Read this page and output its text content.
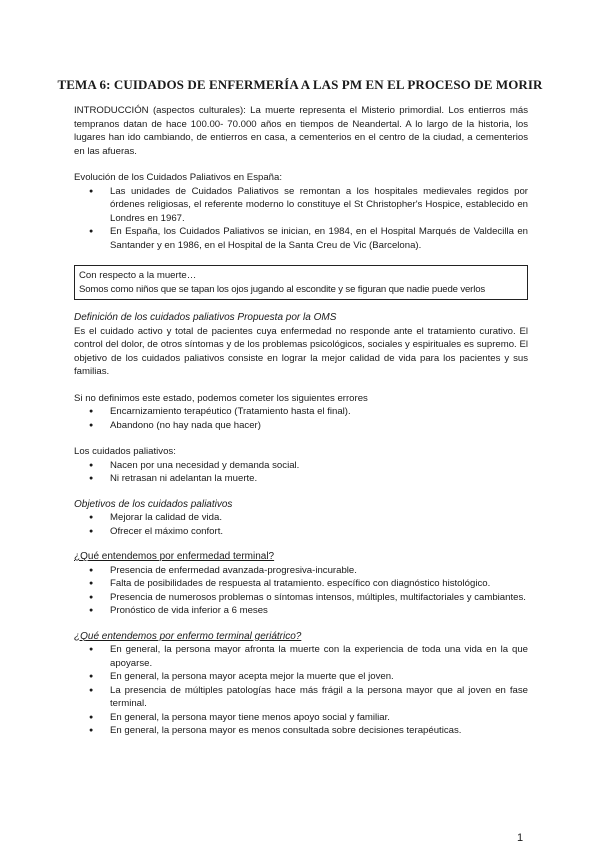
TEMA 6: CUIDADOS DE ENFERMERÍA A LAS PM EN EL PROCESO DE MORIR

INTRODUCCIÓN (aspectos culturales): La muerte representa el Misterio primordial. Los entierros más tempranos datan de hace 100.00- 70.000 años en tiempos de Neandertal. A lo largo de la historia, los lugares han ido cambiando, de entierros en casa, a cementerios en el centro de la ciudad, a cementerios en las afueras.

Evolución de los Cuidados Paliativos en España:

● Las unidades de Cuidados Paliativos se remontan a los hospitales medievales regidos por órdenes religiosas, el referente moderno lo constituye el St Christopher's Hospice, establecido en Londres en 1967.
● En España, los Cuidados Paliativos se inician, en 1984, en el Hospital Marqués de Valdecilla en Santander y en 1986, en el Hospital de la Santa Creu de Vic (Barcelona).

Con respecto a la muerte…

Somos como niños que se tapan los ojos jugando al escondite y se figuran que nadie puede verlos

Definición de los cuidados paliativos Propuesta por la OMS

Es el cuidado activo y total de pacientes cuya enfermedad no responde ante el tratamiento curativo. El control del dolor, de otros síntomas y de los problemas psicológicos, sociales y espirituales es supremo. El objetivo de los cuidados paliativos consiste en lograr la mejor calidad de vida para los pacientes y sus familias.

Si no definimos este estado, podemos cometer los siguientes errores

● Encarnizamiento terapéutico (Tratamiento hasta el final).
● Abandono (no hay nada que hacer)

Los cuidados paliativos:

● Nacen por una necesidad y demanda social.
● Ni retrasan ni adelantan la muerte.

Objetivos de los cuidados paliativos

● Mejorar la calidad de vida.
● Ofrecer el máximo confort.

¿Qué entendemos por enfermedad terminal?

● Presencia de enfermedad avanzada-progresiva-incurable.
● Falta de posibilidades de respuesta al tratamiento. específico con diagnóstico histológico.
● Presencia de numerosos problemas o síntomas intensos, múltiples, multifactoriales y cambiantes.
● Pronóstico de vida inferior a 6 meses

¿Qué entendemos por enfermo terminal geriátrico?

● En general, la persona mayor afronta la muerte con la experiencia de toda una vida en la que apoyarse.
● En general, la persona mayor acepta mejor la muerte que el joven.
● La presencia de múltiples patologías hace más frágil a la persona mayor que al joven en fase terminal.
● En general, la persona mayor tiene menos apoyo social y familiar.
● En general, la persona mayor es menos consultada sobre decisiones terapéuticas.
1
